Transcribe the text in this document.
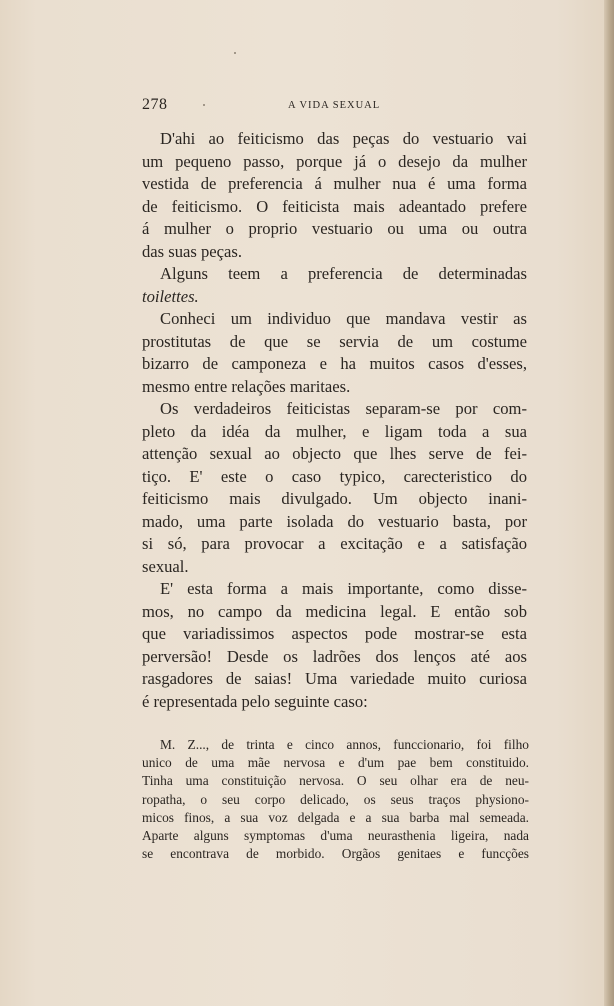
278	A VIDA SEXUAL
D'ahi ao feiticismo das peças do vestuario vai
um pequeno passo, porque já o desejo da mulher
vestida de preferencia á mulher nua é uma forma
de feiticismo. O feiticista mais adeantado prefere
á mulher o proprio vestuario ou uma ou outra
das suas peças.
Alguns teem a preferencia de determinadas
toilettes.
Conheci um individuo que mandava vestir as
prostitutas de que se servia de um costume
bizarro de camponeza e ha muitos casos d'esses,
mesmo entre relações maritaes.
Os verdadeiros feiticistas separam-se por com-
pleto da idéa da mulher, e ligam toda a sua
attenção sexual ao objecto que lhes serve de fei-
tiço. E' este o caso typico, carecteristico do
feiticismo mais divulgado. Um objecto inani-
mado, uma parte isolada do vestuario basta, por
si só, para provocar a excitação e a satisfação
sexual.
E' esta forma a mais importante, como disse-
mos, no campo da medicina legal. E então sob
que variadissimos aspectos pode mostrar-se esta
perversão! Desde os ladrões dos lenços até aos
rasgadores de saias! Uma variedade muito curiosa
é representada pelo seguinte caso:
M. Z..., de trinta e cinco annos, funccionario, foi filho
unico de uma mãe nervosa e d'um pae bem constituido.
Tinha uma constituição nervosa. O seu olhar era de neu-
ropatha, o seu corpo delicado, os seus traços physiono-
micos finos, a sua voz delgada e a sua barba mal semeada.
Aparte alguns symptomas d'uma neurasthenia ligeira, nada
se encontrava de morbido. Orgãos genitaes e funcções
